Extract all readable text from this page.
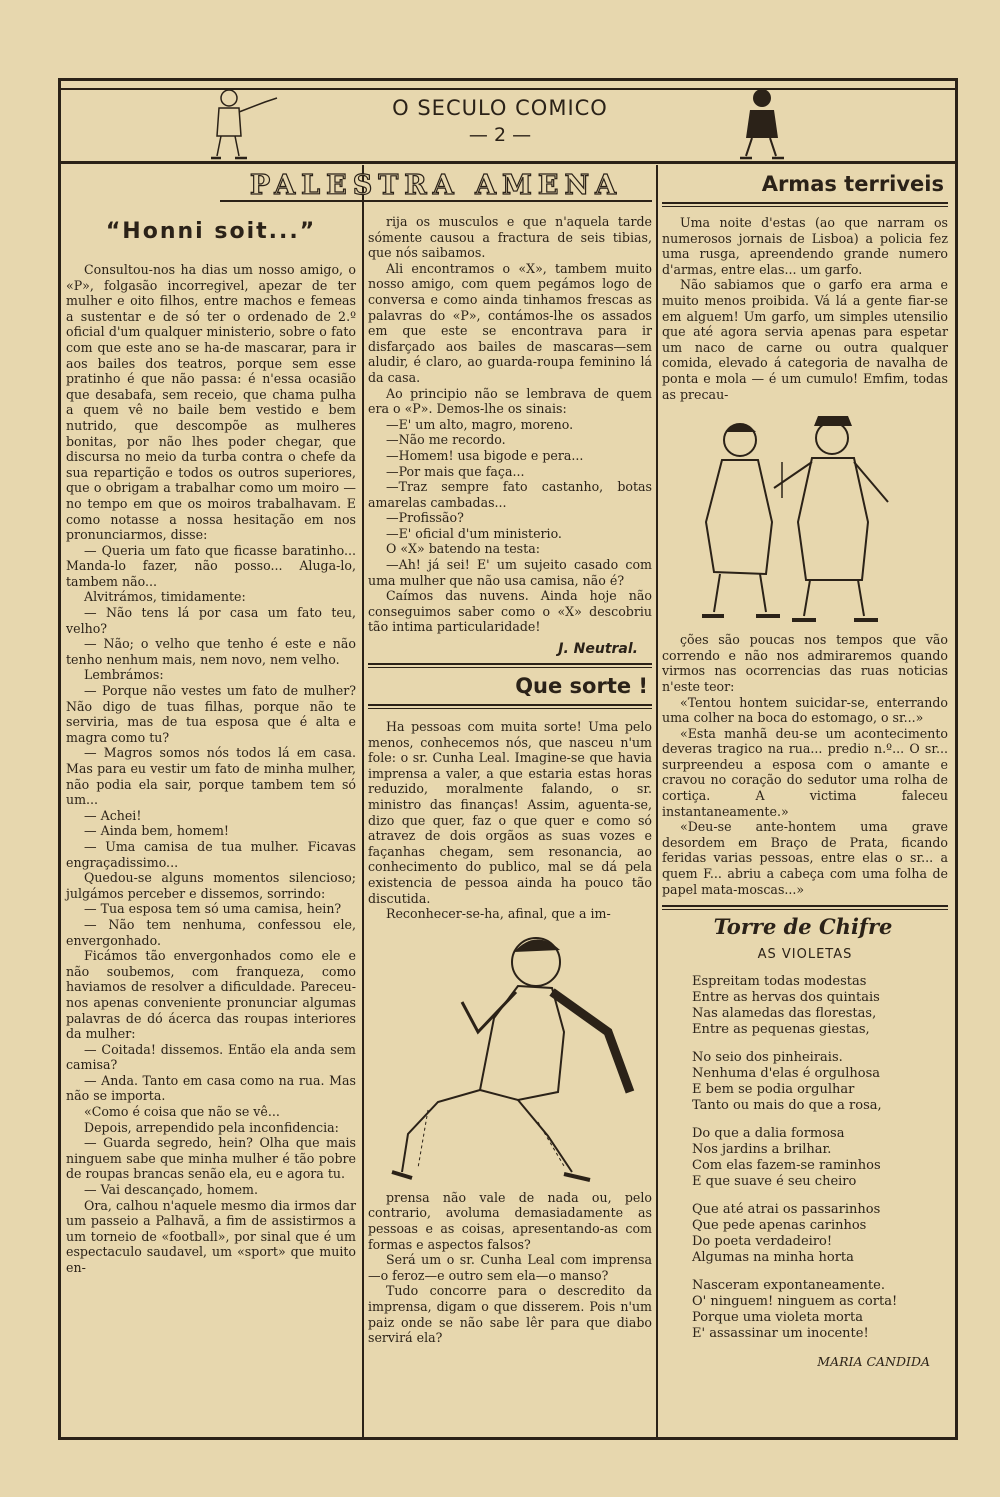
O SECULO COMICO
— 2 —
PALESTRA AMENA
“Honni soit...”

Consultou-nos ha dias um nosso amigo, o «P», folgasão incorregivel, apezar de ter mulher e oito filhos, entre machos e femeas a sustentar e de só ter o ordenado de 2.º oficial d'um qualquer ministerio, sobre o fato com que este ano se ha-de mascarar, para ir aos bailes dos teatros, porque sem esse pratinho é que não passa: é n'essa ocasião que desabafa, sem receio, que chama pulha a quem vê no baile bem vestido e bem nutrido, que descompõe as mulheres bonitas, por não lhes poder chegar, que discursa no meio da turba contra o chefe da sua repartição e todos os outros superiores, que o obrigam a trabalhar como um moiro — no tempo em que os moiros trabalhavam. E como notasse a nossa hesitação em nos pronunciarmos, disse:

— Queria um fato que ficasse baratinho... Manda-lo fazer, não posso... Aluga-lo, tambem não...

Alvitrámos, timidamente:

— Não tens lá por casa um fato teu, velho?

— Não; o velho que tenho é este e não tenho nenhum mais, nem novo, nem velho.

Lembrámos:

— Porque não vestes um fato de mulher? Não digo de tuas filhas, porque não te serviria, mas de tua esposa que é alta e magra como tu?

— Magros somos nós todos lá em casa. Mas para eu vestir um fato de minha mulher, não podia ela sair, porque tambem tem só um...

— Achei!

— Ainda bem, homem!

— Uma camisa de tua mulher. Ficavas engraçadissimo...

Quedou-se alguns momentos silencioso; julgámos perceber e dissemos, sorrindo:

— Tua esposa tem só uma camisa, hein?

— Não tem nenhuma, confessou ele, envergonhado.

Ficámos tão envergonhados como ele e não soubemos, com franqueza, como haviamos de resolver a dificuldade. Pareceu-nos apenas conveniente pronunciar algumas palavras de dó ácerca das roupas interiores da mulher:

— Coitada! dissemos. Então ela anda sem camisa?

— Anda. Tanto em casa como na rua. Mas não se importa.

«Como é coisa que não se vê...

Depois, arrependido pela inconfidencia:

— Guarda segredo, hein? Olha que mais ninguem sabe que minha mulher é tão pobre de roupas brancas senão ela, eu e agora tu.

— Vai descançado, homem.

Ora, calhou n'aquele mesmo dia irmos dar um passeio a Palhavã, a fim de assistirmos a um torneio de «football», por sinal que é um espectaculo saudavel, um «sport» que muito en-

rija os musculos e que n'aquela tarde sómente causou a fractura de seis tibias, que nós saibamos.

Ali encontramos o «X», tambem muito nosso amigo, com quem pegámos logo de conversa e como ainda tinhamos frescas as palavras do «P», contámos-lhe os assados em que este se encontrava para ir disfarçado aos bailes de mascaras—sem aludir, é claro, ao guarda-roupa feminino lá da casa.

Ao principio não se lembrava de quem era o «P». Demos-lhe os sinais:

—E' um alto, magro, moreno.

—Não me recordo.

—Homem! usa bigode e pera...

—Por mais que faça...

—Traz sempre fato castanho, botas amarelas cambadas...

—Profissão?

—E' oficial d'um ministerio.

O «X» batendo na testa:

—Ah! já sei! E' um sujeito casado com uma mulher que não usa camisa, não é?

Caímos das nuvens. Ainda hoje não conseguimos saber como o «X» descobriu tão intima particularidade!

J. Neutral.
Que sorte !

Ha pessoas com muita sorte! Uma pelo menos, conhecemos nós, que nasceu n'um fole: o sr. Cunha Leal. Imagine-se que havia imprensa a valer, a que estaria estas horas reduzido, moralmente falando, o sr. ministro das finanças! Assim, aguenta-se, dizo que quer, faz o que quer e como só atravez de dois orgãos as suas vozes e façanhas chegam, sem resonancia, ao conhecimento do publico, mal se dá pela existencia de pessoa ainda ha pouco tão discutida.

Reconhecer-se-ha, afinal, que a im-

prensa não vale de nada ou, pelo contrario, avoluma demasiadamente as pessoas e as coisas, apresentando-as com formas e aspectos falsos?

Será um o sr. Cunha Leal com imprensa—o feroz—e outro sem ela—o manso?

Tudo concorre para o descredito da imprensa, digam o que disserem. Pois n'um paiz onde se não sabe lêr para que diabo servirá ela?

Armas terriveis

Uma noite d'estas (ao que narram os numerosos jornais de Lisboa) a policia fez uma rusga, apreendendo grande numero d'armas, entre elas... um garfo.

Não sabiamos que o garfo era arma e muito menos proibida. Vá lá a gente fiar-se em alguem! Um garfo, um simples utensilio que até agora servia apenas para espetar um naco de carne ou outra qualquer comida, elevado á categoria de navalha de ponta e mola — é um cumulo! Emfim, todas as precau-

ções são poucas nos tempos que vão correndo e não nos admiraremos quando virmos nas ocorrencias das ruas noticias n'este teor:

«Tentou hontem suicidar-se, enterrando uma colher na boca do estomago, o sr...»

«Esta manhã deu-se um acontecimento deveras tragico na rua... predio n.º... O sr... surpreendeu a esposa com o amante e cravou no coração do sedutor uma rolha de cortiça. A victima faleceu instantaneamente.»

«Deu-se ante-hontem uma grave desordem em Braço de Prata, ficando feridas varias pessoas, entre elas o sr... a quem F... abriu a cabeça com uma folha de papel mata-moscas...»

Torre de Chifre
AS VIOLETAS
Espreitam todas modestas
Entre as hervas dos quintais
Nas alamedas das florestas,
Entre as pequenas giestas,
No seio dos pinheirais.
Nenhuma d'elas é orgulhosa
E bem se podia orgulhar
Tanto ou mais do que a rosa,
Do que a dalia formosa
Nos jardins a brilhar.
Com elas fazem-se raminhos
E que suave é seu cheiro
Que até atrai os passarinhos
Que pede apenas carinhos
Do poeta verdadeiro!
Algumas na minha horta
Nasceram expontaneamente.
O' ninguem! ninguem as corta!
Porque uma violeta morta
E' assassinar um inocente!
MARIA CANDIDA
